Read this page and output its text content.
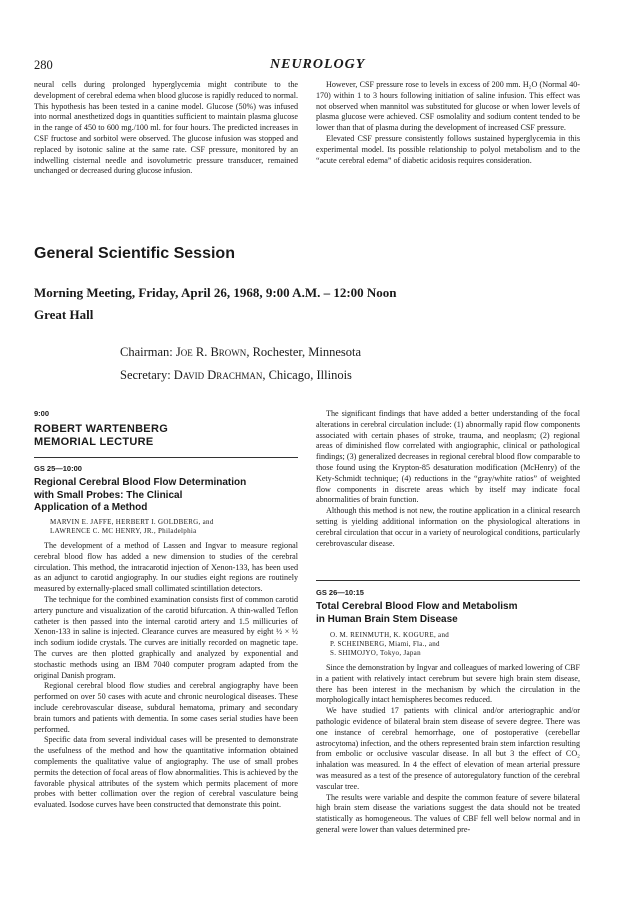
280	NEUROLOGY

neural cells during prolonged hyperglycemia might contribute to the development of cerebral edema when blood glucose is rapidly reduced to normal. This hypothesis has been tested in a canine model. Glucose (50%) was infused into normal anesthetized dogs in quantities sufficient to maintain plasma glucose in the range of 450 to 600 mg./100 ml. for four hours. The predicted increases in CSF fructose and sorbitol were observed. The glucose infusion was stopped and replaced by isotonic saline at the same rate. CSF pressure, monitored by an indwelling cisternal needle and isovolumetric pressure transducer, remained unchanged or decreased during glucose infusion.

However, CSF pressure rose to levels in excess of 200 mm. H₂O (Normal 40-170) within 1 to 3 hours following initiation of saline infusion. This effect was not observed when mannitol was substituted for glucose or when lower levels of plasma glucose were achieved. CSF osmolality and sodium content tended to be lower than that of plasma during the development of increased CSF pressure.

Elevated CSF pressure consistently follows sustained hyperglycemia in this experimental model. Its possible relationship to polyol metabolism and to the “acute cerebral edema” of diabetic acidosis requires consideration.

General Scientific Session
Morning Meeting, Friday, April 26, 1968, 9:00 A.M. – 12:00 Noon
Great Hall
Chairman: Joe R. Brown, Rochester, Minnesota
Secretary: David Drachman, Chicago, Illinois
9:00
ROBERT WARTENBERG
MEMORIAL LECTURE
GS 25—10:00
Regional Cerebral Blood Flow Determination
with Small Probes: The Clinical
Application of a Method
MARVIN E. JAFFE, HERBERT I. GOLDBERG, and
LAWRENCE C. MC HENRY, JR., Philadelphia

The development of a method of Lassen and Ingvar to measure regional cerebral blood flow has added a new dimension to studies of the cerebral circulation. This method, the intracarotid injection of Xenon-133, has been used as an adjunct to carotid angiography. In our studies eight regions are routinely measured by externally-placed small collimated scintillation detectors.

The technique for the combined examination consists first of common carotid artery puncture and visualization of the carotid bifurcation. A thin-walled Teflon catheter is then passed into the internal carotid artery and 1.5 millicuries of Xenon-133 in saline is injected. Clearance curves are measured by eight ½ × ½ inch sodium iodide crystals. The curves are initially recorded on magnetic tape. The curves are then plotted graphically and analyzed by exponential and stochastic methods using an IBM 7040 computer program adapted from the original Danish program.

Regional cerebral blood flow studies and cerebral angiography have been performed on over 50 cases with acute and chronic neurological diseases. These include cerebrovascular disease, subdural hematoma, primary and secondary brain tumors and patients with dementia. In some cases serial studies have been performed.

Specific data from several individual cases will be presented to demonstrate the usefulness of the method and how the quantitative information obtained complements the qualitative value of angiography. The use of small probes permits the detection of focal areas of flow abnormalities. This is achieved by the favorable physical attributes of the system which permits placement of more probes with better collimation over the region of cerebral vasculature being evaluated. Isodose curves have been constructed that demonstrate this point.

The significant findings that have added a better understanding of the focal alterations in cerebral circulation include: (1) abnormally rapid flow components associated with certain phases of stroke, trauma, and neoplasm; (2) regional areas of diminished flow correlated with angiographic, clinical or pathological findings; (3) generalized decreases in regional cerebral blood flow comparable to those found using the Krypton-85 desaturation modification (McHenry) of the Kety-Schmidt technique; (4) reductions in the “gray/white ratios” of weighted flow components in discrete areas which by itself may indicate focal abnormalities of brain function.

Although this method is not new, the routine application in a clinical research setting is yielding additional information on the physiological alterations in cerebral circulation that occur in a variety of neurological conditions, particularly cerebrovascular disease.

GS 26—10:15
Total Cerebral Blood Flow and Metabolism
in Human Brain Stem Disease
O. M. REINMUTH, K. KOGURE, and
P. SCHEINBERG, Miami, Fla., and
S. SHIMOJYO, Tokyo, Japan

Since the demonstration by Ingvar and colleagues of marked lowering of CBF in a patient with relatively intact cerebrum but severe high brain stem disease, there has been interest in the mechanism by which the circulation in the morphologically intact hemispheres becomes reduced.

We have studied 17 patients with clinical and/or arteriographic and/or pathologic evidence of bilateral brain stem disease of severe degree. There was one instance of cerebral hemorrhage, one of postoperative (cerebellar astrocytoma) infection, and the others represented brain stem infarction resulting from embolic or occlusive vascular disease. In all but 3 the effect of CO₂ inhalation was measured. In 4 the effect of elevation of mean arterial pressure was measured as a test of the presence of autoregulatory function of the cerebral vascular tree.

The results were variable and despite the common feature of severe bilateral high brain stem disease the variations suggest the data should not be treated statistically as homogeneous. The values of CBF fell well below normal and in general were lower than values determined pre-
